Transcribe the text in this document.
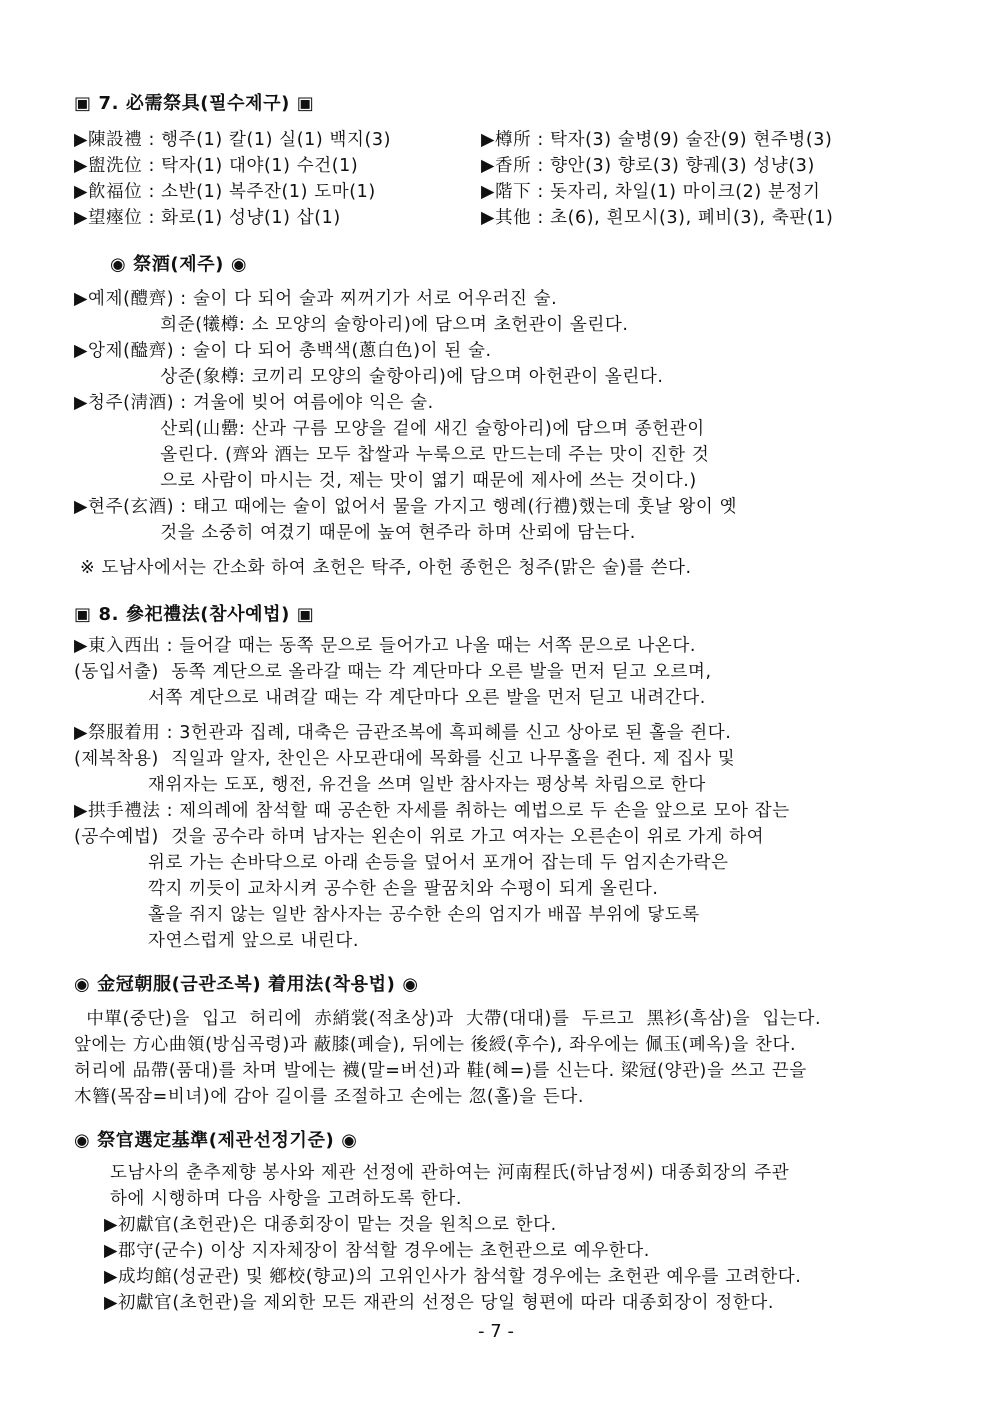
▣ 7. 必需祭具(필수제구) ▣
▶陳設禮 : 행주(1) 칼(1) 실(1) 백지(3)
▶盥洗位 : 탁자(1) 대야(1) 수건(1)
▶飮福位 : 소반(1) 복주잔(1) 도마(1)
▶望瘞位 : 화로(1) 성냥(1) 삽(1)
▶樽所 : 탁자(3) 술병(9) 술잔(9) 현주병(3)
▶香所 : 향안(3) 향로(3) 향궤(3) 성냥(3)
▶階下 : 돗자리, 차일(1) 마이크(2) 분정기
▶其他 : 초(6), 흰모시(3), 폐비(3), 축판(1)
◉ 祭酒(제주) ◉
▶예제(醴齊) : 술이 다 되어 술과 찌꺼기가 서로 어우러진 술.
희준(犧樽: 소 모양의 술항아리)에 담으며 초헌관이 올린다.
▶앙제(醠齊) : 술이 다 되어 총백색(蔥白色)이 된 술.
상준(象樽: 코끼리 모양의 술항아리)에 담으며 아헌관이 올린다.
▶청주(淸酒) : 겨울에 빚어 여름에야 익은 술.
산뢰(山罍: 산과 구름 모양을 겉에 새긴 술항아리)에 담으며 종헌관이
올린다. (齊와 酒는 모두 찹쌀과 누룩으로 만드는데 주는 맛이 진한 것
으로 사람이 마시는 것, 제는 맛이 엷기 때문에 제사에 쓰는 것이다.)
▶현주(玄酒) : 태고 때에는 술이 없어서 물을 가지고 행례(行禮)했는데 훗날 왕이 옛
것을 소중히 여겼기 때문에 높여 현주라 하며 산뢰에 담는다.
※ 도남사에서는 간소화 하여 초헌은 탁주, 아헌 종헌은 청주(맑은 술)를 쓴다.
▣ 8. 參祀禮法(참사예법) ▣
▶東入西出 : 들어갈 때는 동쪽 문으로 들어가고 나올 때는 서쪽 문으로 나온다.
(동입서출)  동쪽 계단으로 올라갈 때는 각 계단마다 오른 발을 먼저 딛고 오르며,
서쪽 계단으로 내려갈 때는 각 계단마다 오른 발을 먼저 딛고 내려간다.
▶祭服着用 : 3헌관과 집례, 대축은 금관조복에 흑피혜를 신고 상아로 된 홀을 쥔다.
(제복착용)  직일과 알자, 찬인은 사모관대에 목화를 신고 나무홀을 쥔다. 제 집사 및
재위자는 도포, 행전, 유건을 쓰며 일반 참사자는 평상복 차림으로 한다
▶拱手禮法 : 제의례에 참석할 때 공손한 자세를 취하는 예법으로 두 손을 앞으로 모아 잡는
(공수예법)  것을 공수라 하며 남자는 왼손이 위로 가고 여자는 오른손이 위로 가게 하여
위로 가는 손바닥으로 아래 손등을 덮어서 포개어 잡는데 두 엄지손가락은
깍지 끼듯이 교차시켜 공수한 손을 팔꿈치와 수평이 되게 올린다.
홀을 쥐지 않는 일반 참사자는 공수한 손의 엄지가 배꼽 부위에 닿도록
자연스럽게 앞으로 내린다.
◉ 金冠朝服(금관조복) 着用法(착용법) ◉
中單(중단)을  입고  허리에  赤綃裳(적초상)과  大帶(대대)를  두르고  黑衫(흑삼)을  입는다.
앞에는 方心曲領(방심곡령)과 蔽膝(폐슬), 뒤에는 後綬(후수), 좌우에는 佩玉(폐옥)을 찬다.
허리에 品帶(품대)를 차며 발에는 襪(말=버선)과 鞋(혜=)를 신는다. 梁冠(양관)을 쓰고 끈을
木簪(목잠=비녀)에 감아 길이를 조절하고 손에는 忽(홀)을 든다.
◉ 祭官選定基準(제관선정기준) ◉
도남사의 춘추제향 봉사와 제관 선정에 관하여는 河南程氏(하남정씨) 대종회장의 주관
하에 시행하며 다음 사항을 고려하도록 한다.
▶初獻官(초헌관)은 대종회장이 맡는 것을 원칙으로 한다.
▶郡守(군수) 이상 지자체장이 참석할 경우에는 초헌관으로 예우한다.
▶成均館(성균관) 및 鄕校(향교)의 고위인사가 참석할 경우에는 초헌관 예우를 고려한다.
▶初獻官(초헌관)을 제외한 모든 재관의 선정은 당일 형편에 따라 대종회장이 정한다.
- 7 -
